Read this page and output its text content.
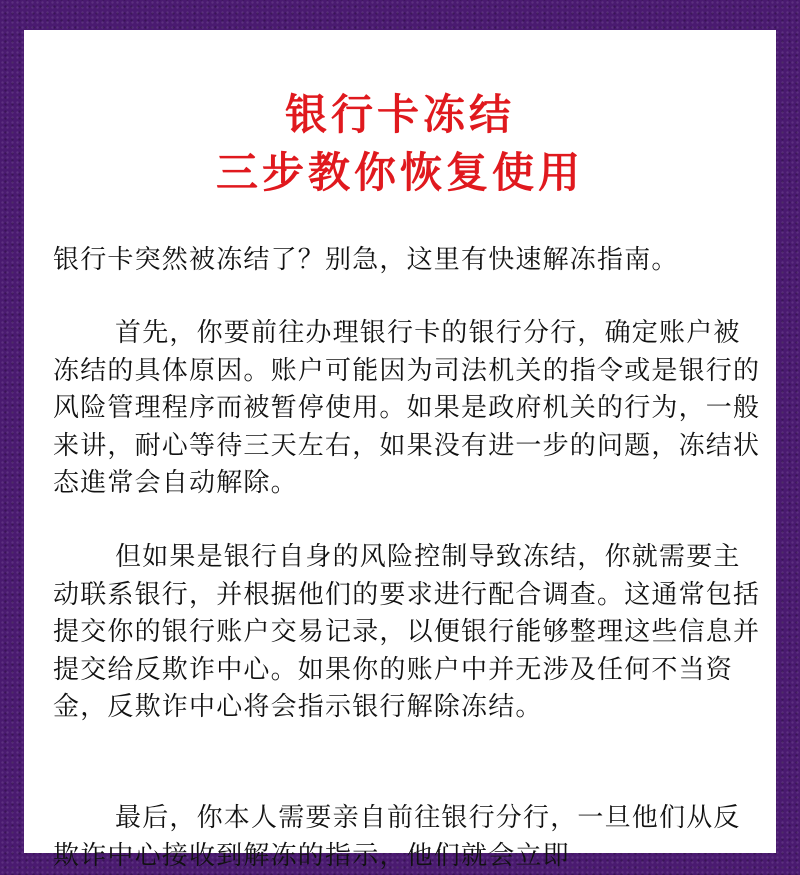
银行卡冻结
三步教你恢复使用

银行卡突然被冻结了？别急，这里有快速解冻指南。

首先，你要前往办理银行卡的银行分行，确定账户被冻结的具体原因。账户可能因为司法机关的指令或是银行的风险管理程序而被暂停使用。如果是政府机关的行为，一般来讲，耐心等待三天左右，如果没有进一步的问题，冻结状态進常会自动解除。

但如果是银行自身的风险控制导致冻结，你就需要主动联系银行，并根据他们的要求进行配合调查。这通常包括提交你的银行账户交易记录，以便银行能够整理这些信息并提交给反欺诈中心。如果你的账户中并无涉及任何不当资金，反欺诈中心将会指示银行解除冻结。

最后，你本人需要亲自前往银行分行，一旦他们从反欺诈中心接收到解冻的指示，他们就会立即
